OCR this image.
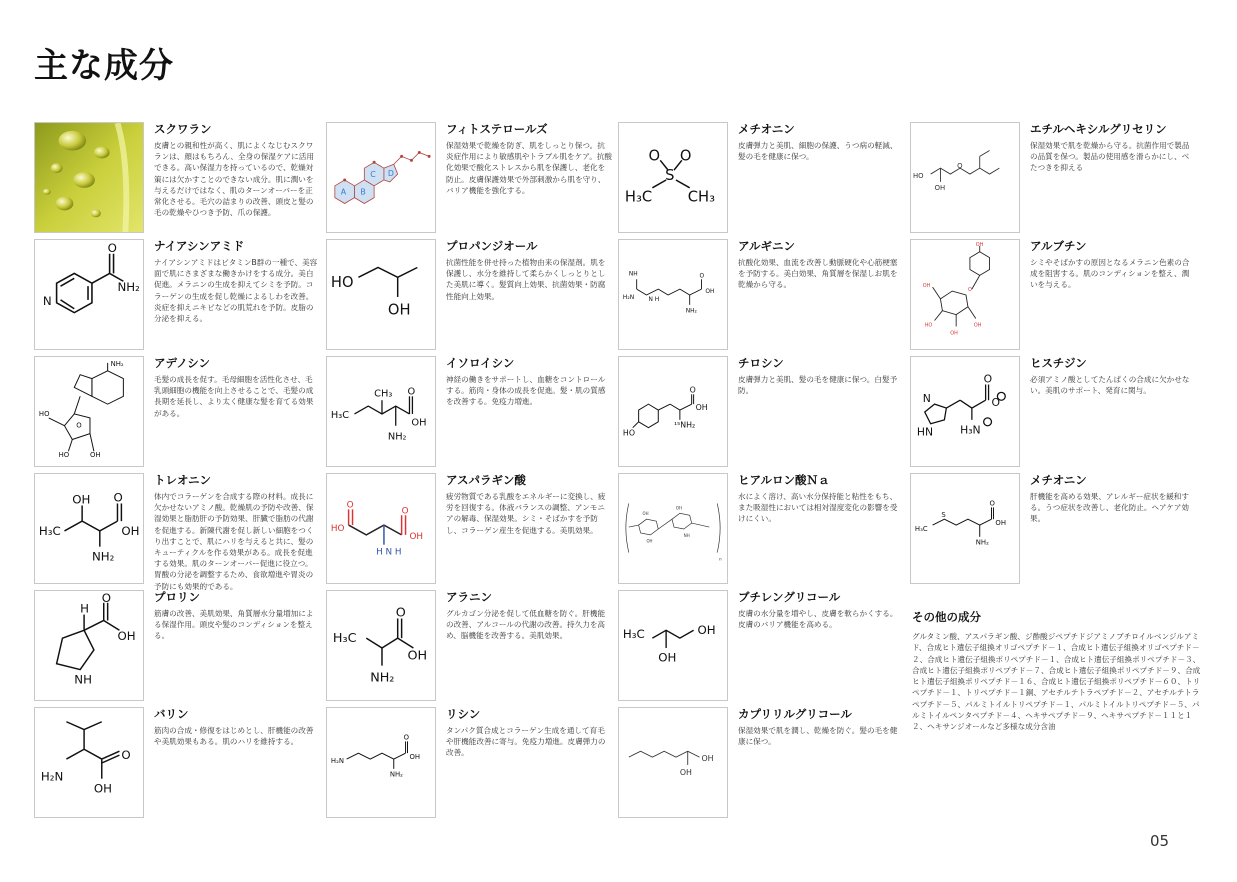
主な成分
スクワラン
皮膚との親和性が高く、肌によくなじむスクワランは、顔はもちろん、全身の保湿ケアに活用できる。高い保湿力を持っているので、乾燥対策には欠かすことのできない成分。肌に潤いを与えるだけではなく、肌のターンオーバーを正常化させる。毛穴の詰まりの改善、頭皮と髪の毛の乾燥やひつき予防、爪の保護。
O
N
NH₂
ナイアシンアミド
ナイアシンアミドはビタミンB群の一種で、美容面で肌にさまざまな働きかけをする成分。美白促進。メラニンの生成を抑えてシミを予防。コラーゲンの生成を促し乾燥によるしわを改善。炎症を抑えニキビなどの肌荒れを予防。皮脂の分泌を抑える。
NH₂
HO
HO	OH
O
アデノシン
毛髪の成長を促す。毛母細胞を活性化させ、毛乳頭細胞の機能を向上させることで、毛髪の成長期を延長し、より太く健康な髪を育てる効果がある。
OH O
H₃C	OH
NH₂
トレオニン
体内でコラーゲンを合成する際の材料。成長に欠かせないアミノ酸。乾燥肌の予防や改善、保湿効果と脂肪肝の予防効果、肝臓で脂肪の代謝を促進する。新陳代謝を促し新しい細胞をつくり出すことで、肌にハリを与えると共に、髪のキューティクルを作る効果がある。成長を促進する効果。肌のターンオーバー促進に役立つ。胃酸の分泌を調整するため、食欲増進や胃炎の予防にも効果的である。
H
O
OH
NH
プロリン
筋膚の改善、美肌効果、角質層水分量増加による保湿作用。頭皮や髪のコンディションを整える。
H₂N
O
OH
バリン
筋肉の合成・修復をはじめとし、肝機能の改善や美肌効果もある。肌のハリを維持する。
A B
C D
フィトステロールズ
保湿効果で乾燥を防ぎ、肌をしっとり保つ。抗炎症作用により敏感肌やトラブル肌をケア。抗酸化効果で酸化ストレスから肌を保護し、老化を防止。皮膚保護効果で外部刺激から肌を守り、バリア機能を強化する。
HO
OH
プロパンジオール
抗菌性能を併せ持った植物由来の保湿剤。肌を保護し、水分を維持して柔らかくしっとりとした美肌に導く。髪質向上効果、抗菌効果・防腐性能向上効果。
CH₃
H₃C
O
OH
NH₂
イソロイシン
神経の働きをサポートし、血糖をコントロールする。筋肉・身体の成長を促進。髪・肌の質感を改善する。免疫力増進。
O
HO
O
OH
H N H
アスパラギン酸
疲労物質である乳酸をエネルギーに変換し、疲労を回復する。体液バランスの調整、アンモニアの解毒、保湿効果。シミ・そばかすを予防し、コラーゲン産生を促進する。美肌効果。
H₃C
O
OH
NH₂
アラニン
グルカゴン分泌を促して低血糖を防ぐ。肝機能の改善、アルコールの代謝の改善。持久力を高め、脳機能を改善する。美肌効果。
H₂N
O
OH
NH₂
リシン
タンパク質合成とコラーゲン生成を通して育毛や肝機能改善に寄与。免疫力増進。皮膚弾力の改善。
O O
S
H₃C CH₃
メチオニン
皮膚弾力と美肌、細胞の保護、うつ病の軽減、髪の毛を健康に保つ。
NH
H₂N N H
O
OH
NH₂
アルギニン
抗酸化効果、血流を改善し動脈硬化や心筋梗塞を予防する。美白効果、角質層を保湿しお肌を乾燥から守る。
HO
O
OH
¹⁵NH₂
チロシン
皮膚弾力と美肌、髪の毛を健康に保つ。白髪予防。
OH
OH
OH
NH
n
ヒアルロン酸Ｎａ
水によく溶け、高い水分保持能と粘性をもち、また吸湿性においては相対湿度変化の影響を受けにくい。
H₃C	OH
OH
ブチレングリコール
皮膚の水分量を増やし、皮膚を軟らかくする。皮膚のバリア機能を高める。
OH
OH
カプリリルグリコール
保湿効果で肌を潤し、乾燥を防ぐ。髪の毛を健康に保つ。
HO
OH
O
エチルヘキシルグリセリン
保湿効果で肌を乾燥から守る。抗菌作用で製品の品質を保つ。製品の使用感を滑らかにし、べたつきを抑える
OH
OH
O
HO
OH
OH
アルブチン
シミやそばかすの原因となるメラニン色素の合成を阻害する。肌のコンディションを整え、潤いを与える。
N
HN
O
O
H₃N
ヒスチジン
必須アミノ酸としてたんぱくの合成に欠かせない。美肌のサポート、発育に関与。
H₃C
S
O
OH
NH₂
メチオニン
肝機能を高める効果、アレルギー症状を緩和する。うつ症状を改善し、老化防止。ヘアケア効果。
その他の成分
グルタミン酸、アスパラギン酸、ジ酢酸ジペプチドジアミノブチロイルベンジルアミド、合成ヒト遺伝子組換オリゴペプチド－１、合成ヒト遺伝子組換オリゴペプチド－２、合成ヒト遺伝子組換ポリペプチド－１、合成ヒト遺伝子組換ポリペプチド－３、合成ヒト遺伝子組換ポリペプチド－７、合成ヒト遺伝子組換ポリペプチド－９、合成ヒト遺伝子組換ポリペプチド－１６、合成ヒト遺伝子組換ポリペプチド－６０、トリペプチド－１、トリペプチド－１銅、アセチルテトラペプチド－２、アセチルテトラペプチド－５、パルミトイルトリペプチド－１、パルミトイルトリペプチド－５、パルミトイルペンタペプチド－４、ヘキサペプチド－９、ヘキサペプチド－１１と１２、ヘキサンジオールなど多様な成分含油
05
